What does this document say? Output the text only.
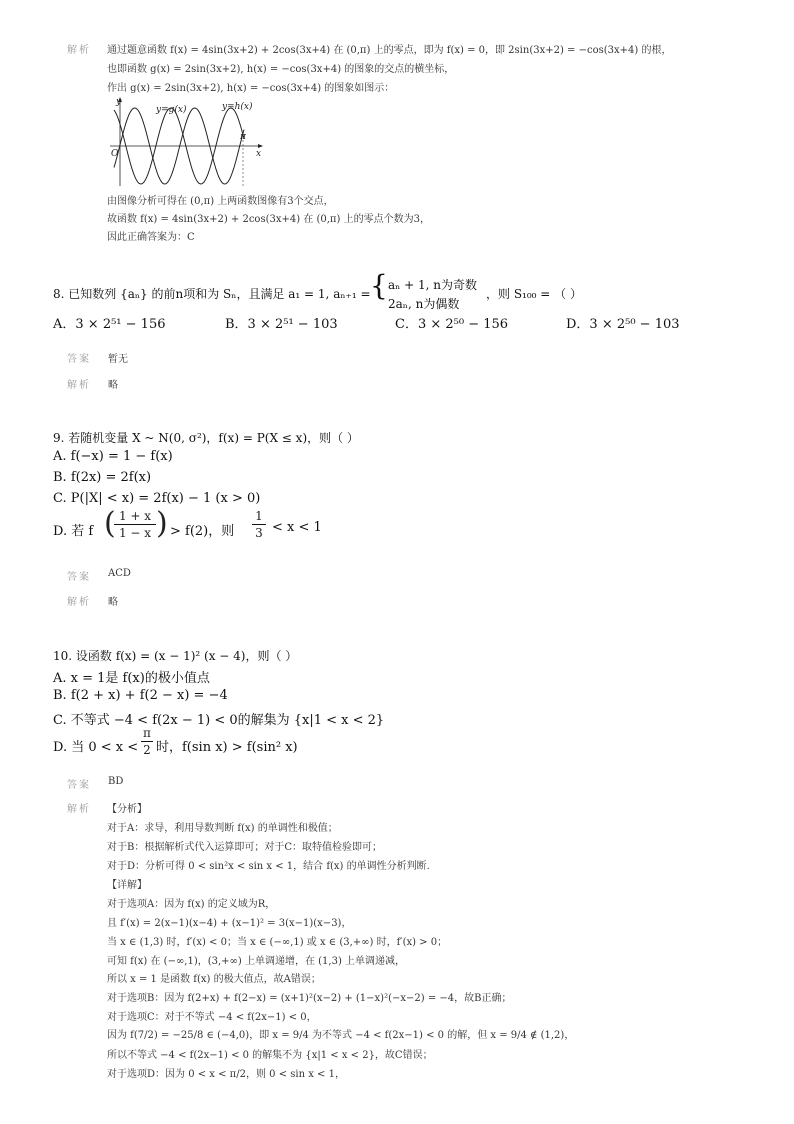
解析 通过题意函数 f(x) = 4sin(3x+2) + 2cos(3x+4) 在 (0,π) 上的零点，即为 f(x) = 0，即 2sin(3x+2) = −cos(3x+4) 的根，
也即函数 g(x) = 2sin(3x+2), h(x) = −cos(3x+4) 的图象的交点的横坐标，
作出 g(x) = 2sin(3x+2), h(x) = −cos(3x+4) 的图象如图示：
y
x
O
π
y=g(x)	y=h(x)
由图像分析可得在 (0,π) 上两函数图像有3个交点，
故函数 f(x) = 4sin(3x+2) + 2cos(3x+4) 在 (0,π) 上的零点个数为3，
因此正确答案为：C
8. 已知数列 {aₙ} 的前n项和为 Sₙ，且满足 a₁ = 1, aₙ₊₁ = { aₙ + 1, n为奇数
2aₙ, n为偶数
，则 S₁₀₀ = （ ）
A．3 × 2⁵¹ − 156	B．3 × 2⁵¹ − 103	C．3 × 2⁵⁰ − 156	D．3 × 2⁵⁰ − 103
答案 暂无
解析 略
9. 若随机变量 X ~ N(0, σ²)，f(x) = P(X ≤ x)，则（ ）
A. f(−x) = 1 − f(x)
B. f(2x) = 2f(x)
C. P(|X| < x) = 2f(x) − 1 (x > 0)
D. 若 f (
$\frac{1 + x}{1 - x}$ ) > f(2)，则 $\frac{1}{3} < x < 1$
答案 ACD
解析 略
10. 设函数 f(x) = (x − 1)² (x − 4)，则（ ）
A. x = 1是 f(x)的极小值点
B. f(2 + x) + f(2 − x) = −4
C. 不等式 −4 < f(2x − 1) < 0的解集为 {x|1 < x < 2}
D. 当 $0 < x < \frac{\pi}{2}$ 时，f(sin x) > f(sin² x)
答案 BD
解析 【分析】
对于A：求导，利用导数判断 f(x) 的单调性和极值；
对于B：根据解析式代入运算即可；对于C：取特值检验即可；
对于D：分析可得 0 < sin²x < sin x < 1，结合 f(x) 的单调性分析判断.
【详解】
对于选项A：因为 f(x) 的定义域为R，
且 f′(x) = 2(x−1)(x−4) + (x−1)² = 3(x−1)(x−3)，
当 x ∈ (1,3) 时，f′(x) < 0；当 x ∈ (−∞,1) 或 x ∈ (3,+∞) 时，f′(x) > 0；
可知 f(x) 在 (−∞,1)，(3,+∞) 上单调递增，在 (1,3) 上单调递减，
所以 x = 1 是函数 f(x) 的极大值点，故A错误；
对于选项B：因为 f(2+x) + f(2−x) = (x+1)²(x−2) + (1−x)²(−x−2) = −4，故B正确；
对于选项C：对于不等式 −4 < f(2x−1) < 0，
因为 f(7/2) = −25/8 ∈ (−4,0)，即 x = 9/4 为不等式 −4 < f(2x−1) < 0 的解，但 x = 9/4 ∉ (1,2)，
所以不等式 −4 < f(2x−1) < 0 的解集不为 {x|1 < x < 2}，故C错误；
对于选项D：因为 0 < x < π/2，则 0 < sin x < 1，
